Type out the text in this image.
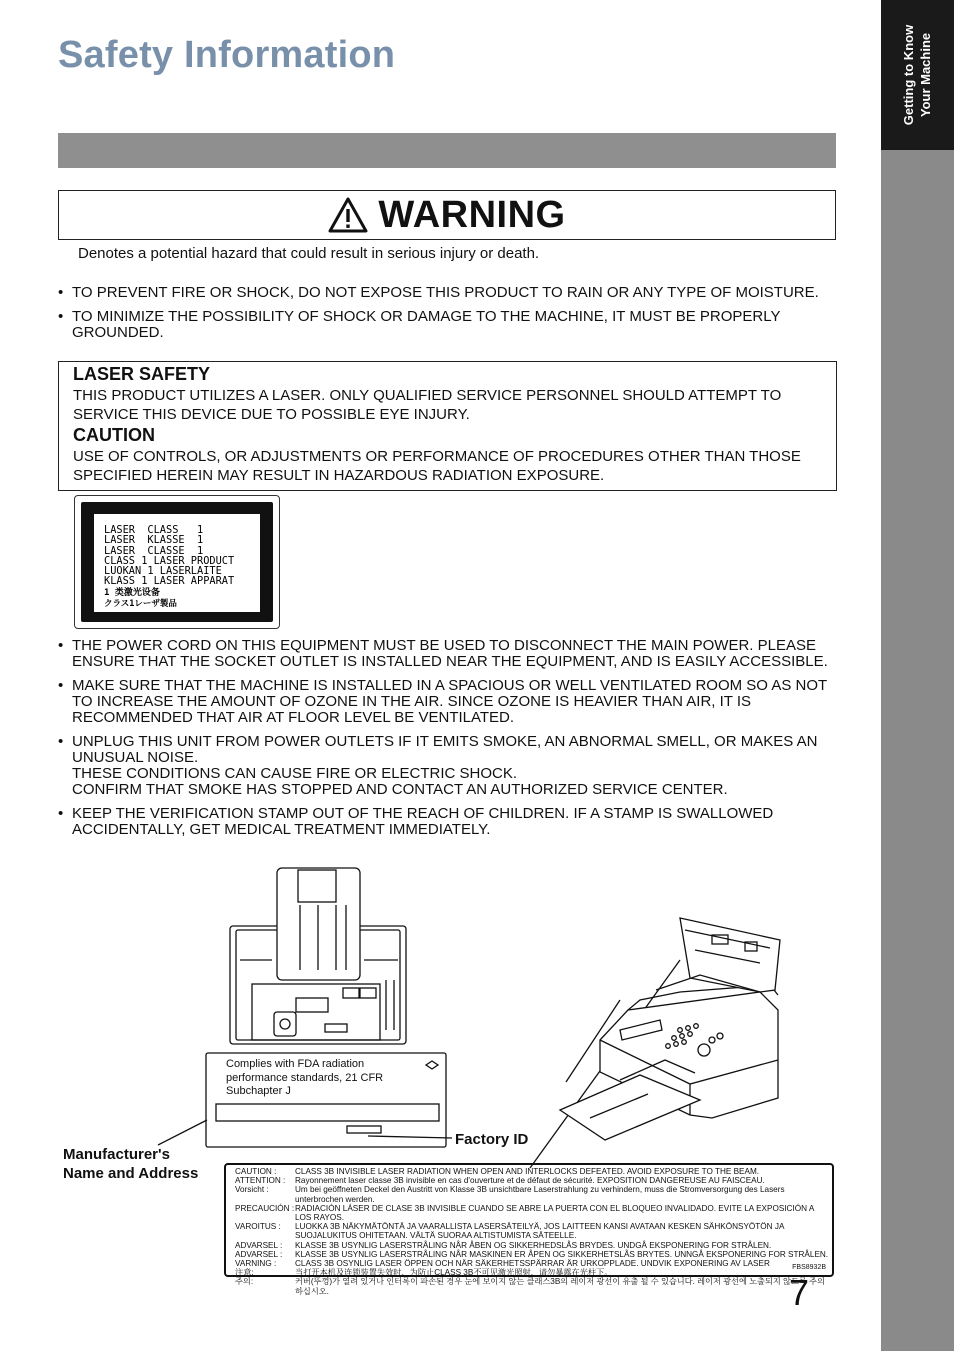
Getting to Know
Your Machine
Safety Information
WARNING
Denotes a potential hazard that could result in serious injury or death.
• TO PREVENT FIRE OR SHOCK, DO NOT EXPOSE THIS PRODUCT TO RAIN OR ANY TYPE OF MOISTURE.
• TO MINIMIZE THE POSSIBILITY OF SHOCK OR DAMAGE TO THE MACHINE, IT MUST BE PROPERLY GROUNDED.
LASER SAFETY
THIS PRODUCT UTILIZES A LASER. ONLY QUALIFIED SERVICE PERSONNEL SHOULD ATTEMPT TO SERVICE THIS DEVICE DUE TO POSSIBLE EYE INJURY.
CAUTION
USE OF CONTROLS, OR ADJUSTMENTS OR PERFORMANCE OF PROCEDURES OTHER THAN THOSE SPECIFIED HEREIN MAY RESULT IN HAZARDOUS RADIATION EXPOSURE.
LASER  CLASS   1
LASER  KLASSE  1
LASER  CLASSE  1
CLASS 1 LASER PRODUCT
LUOKAN 1 LASERLAITE
KLASS 1 LASER APPARAT
1 类激光设备
クラス1レーザ製品
• THE POWER CORD ON THIS EQUIPMENT MUST BE USED TO DISCONNECT THE MAIN POWER. PLEASE ENSURE THAT THE SOCKET OUTLET IS INSTALLED NEAR THE EQUIPMENT, AND IS EASILY ACCESSIBLE.
• MAKE SURE THAT THE MACHINE IS INSTALLED IN A SPACIOUS OR WELL VENTILATED ROOM SO AS NOT TO INCREASE THE AMOUNT OF OZONE IN THE AIR. SINCE OZONE IS HEAVIER THAN AIR, IT IS RECOMMENDED THAT AIR AT FLOOR LEVEL BE VENTILATED.
• UNPLUG THIS UNIT FROM POWER OUTLETS IF IT EMITS SMOKE, AN ABNORMAL SMELL, OR MAKES AN UNUSUAL NOISE.
THESE CONDITIONS CAN CAUSE FIRE OR ELECTRIC SHOCK.
CONFIRM THAT SMOKE HAS STOPPED AND CONTACT AN AUTHORIZED SERVICE CENTER.
• KEEP THE VERIFICATION STAMP OUT OF THE REACH OF CHILDREN. IF A STAMP IS SWALLOWED ACCIDENTALLY, GET MEDICAL TREATMENT IMMEDIATELY.
Complies with FDA radiation performance standards, 21 CFR Subchapter J
Factory ID
Manufacturer's
Name and Address	CAUTION :	CLASS 3B INVISIBLE LASER RADIATION WHEN OPEN AND INTERLOCKS DEFEATED. AVOID EXPOSURE TO THE BEAM.
ATTENTION :	Rayonnement laser classe 3B invisible en cas d'ouverture et de défaut de sécurité. EXPOSITION DANGEREUSE AU FAISCEAU.
Vorsicht :	Um bei geöffneten Deckel den Austritt von Klasse 3B unsichtbare Laserstrahlung zu verhindern, muss die Stromversorgung des Lasers unterbrochen werden.
PRECAUCIÓN : RADIACIÓN LÁSER DE CLASE 3B INVISIBLE CUANDO SE ABRE LA PUERTA CON EL BLOQUEO INVALIDADO. EVITE LA EXPOSICIÓN A LOS RAYOS.
VAROITUS :	LUOKKA 3B NÄKYMÄTÖNTÄ JA VAARALLISTA LASERSÄTEILYÄ, JOS LAITTEEN KANSI AVATAAN KESKEN SÄHKÖNSYÖTÖN JA SUOJALUKITUS OHITETAAN. VÄLTÄ SUORAA ALTISTUMISTA SÄTEELLE.
ADVARSEL :	KLASSE 3B USYNLIG LASERSTRÅLING NÅR ÅBEN OG SIKKERHEDSLÅS BRYDES. UNDGÅ EKSPONERING FOR STRÅLEN.
ADVARSEL :	KLASSE 3B USYNLIG LASERSTRÅLING NÅR MASKINEN ER ÅPEN OG SIKKERHETSLÅS BRYTES. UNNGÅ EKSPONERING FOR STRÅLEN.
VARNING :	CLASS 3B OSYNLIG LASER ÖPPEN OCH NÄR SÄKERHETSSPÄRRAR ÄR URKOPPLADE. UNDVIK EXPONERING AV LASER
注意:	当打开本机及连锁装置失效时，为防止CLASS 3B不可见激光照射，请勿暴露在光柱下。
주의:	커버(뚜껑)가 열려 있거나 인터록이 파손된 경우 눈에 보이지 않는 클래스3B의 레이저 광선이 유출 될 수 있습니다. 레이저 광선에 노출되지 않도록 주의 하십시오.
FBS8932B
7
